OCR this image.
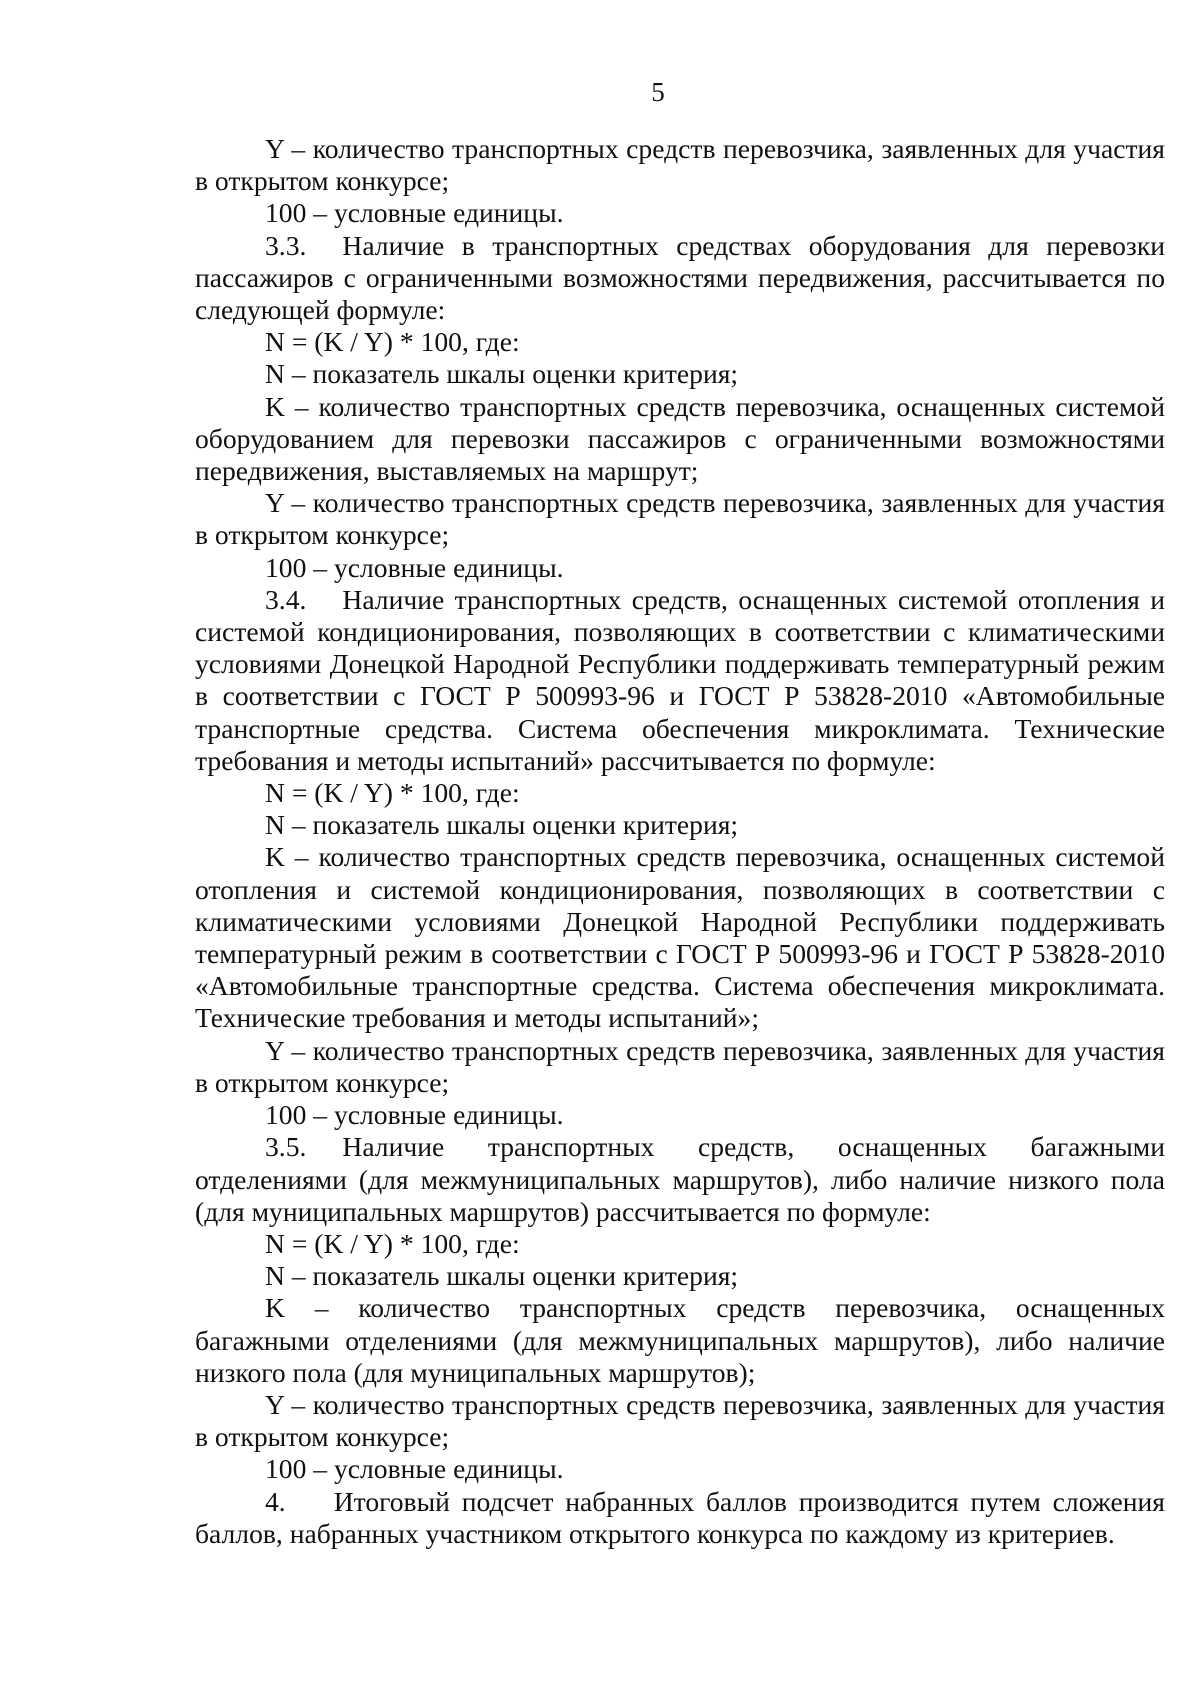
5

Y – количество транспортных средств перевозчика, заявленных для участия в открытом конкурсе;

100 – условные единицы.

3.3. Наличие в транспортных средствах оборудования для перевозки пассажиров с ограниченными возможностями передвижения, рассчитывается по следующей формуле:

N = (K / Y) * 100, где:

N – показатель шкалы оценки критерия;

K – количество транспортных средств перевозчика, оснащенных системой оборудованием для перевозки пассажиров с ограниченными возможностями передвижения, выставляемых на маршрут;

Y – количество транспортных средств перевозчика, заявленных для участия в открытом конкурсе;

100 – условные единицы.

3.4. Наличие транспортных средств, оснащенных системой отопления и системой кондиционирования, позволяющих в соответствии с климатическими условиями Донецкой Народной Республики поддерживать температурный режим в соответствии с ГОСТ Р 500993-96 и ГОСТ Р 53828-2010 «Автомобильные транспортные средства. Система обеспечения микроклимата. Технические требования и методы испытаний» рассчитывается по формуле:

N = (K / Y) * 100, где:

N – показатель шкалы оценки критерия;

K – количество транспортных средств перевозчика, оснащенных системой отопления и системой кондиционирования, позволяющих в соответствии с климатическими условиями Донецкой Народной Республики поддерживать температурный режим в соответствии с ГОСТ Р 500993-96 и ГОСТ Р 53828-2010 «Автомобильные транспортные средства. Система обеспечения микроклимата. Технические требования и методы испытаний»;

Y – количество транспортных средств перевозчика, заявленных для участия в открытом конкурсе;

100 – условные единицы.

3.5. Наличие транспортных средств, оснащенных багажными отделениями (для межмуниципальных маршрутов), либо наличие низкого пола (для муниципальных маршрутов) рассчитывается по формуле:

N = (K / Y) * 100, где:

N – показатель шкалы оценки критерия;

K – количество транспортных средств перевозчика, оснащенных багажными отделениями (для межмуниципальных маршрутов), либо наличие низкого пола (для муниципальных маршрутов);

Y – количество транспортных средств перевозчика, заявленных для участия в открытом конкурсе;

100 – условные единицы.

4. Итоговый подсчет набранных баллов производится путем сложения баллов, набранных участником открытого конкурса по каждому из критериев.
